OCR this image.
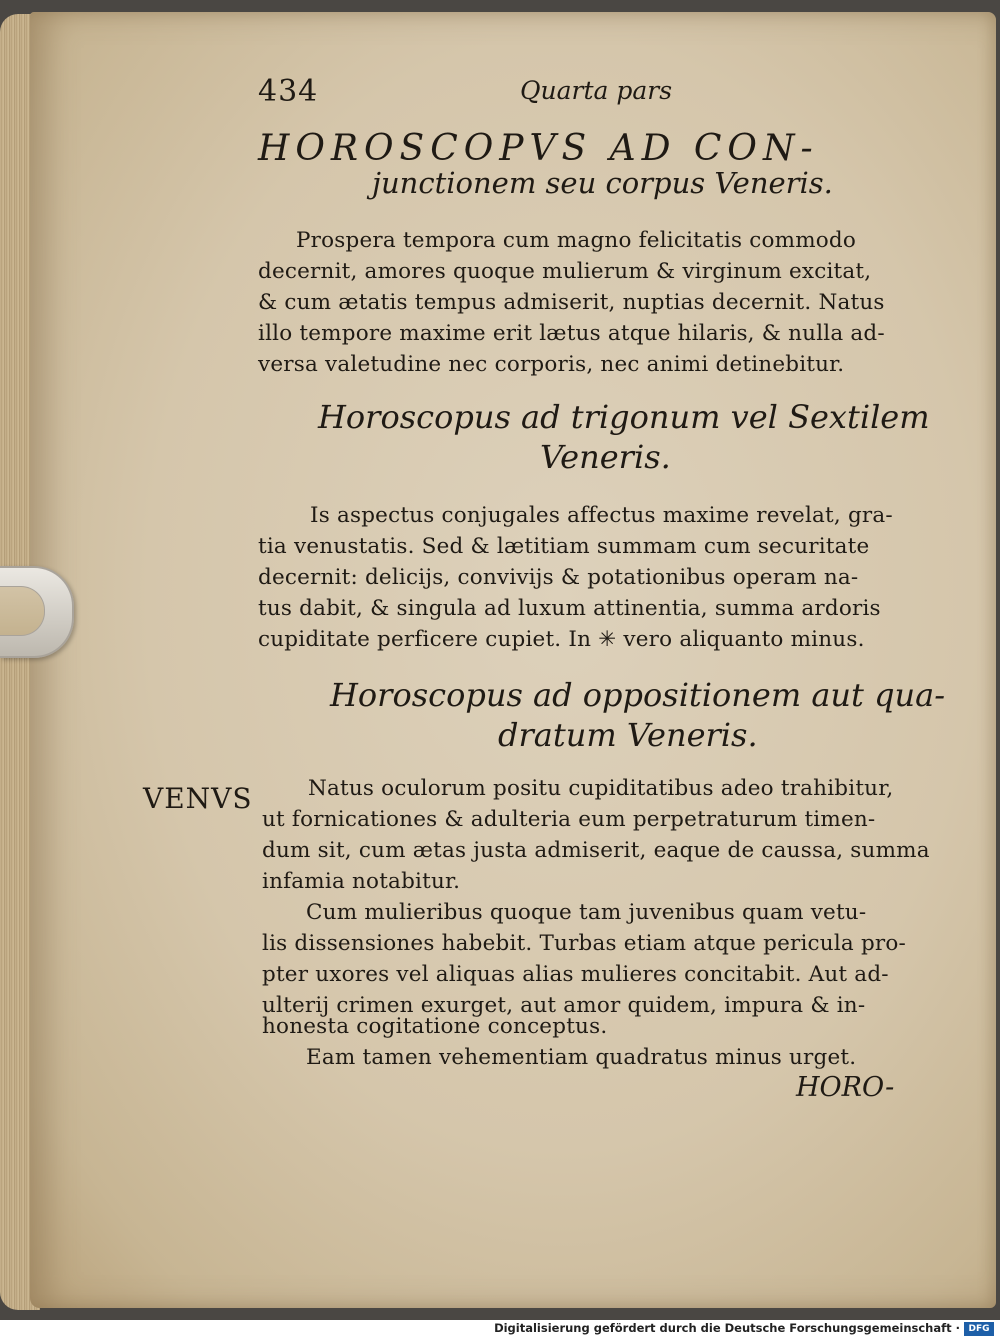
434	Quarta pars
HOROSCOPVS AD CON-
junctionem seu corpus Veneris.
Prospera tempora cum magno felicitatis commodo
decernit, amores quoque mulierum & virginum excitat,
& cum ætatis tempus admiserit, nuptias decernit. Natus
illo tempore maxime erit lætus atque hilaris, & nulla ad-
versa valetudine nec corporis, nec animi detinebitur.
Horoscopus ad trigonum vel Sextilem
Veneris.
Is aspectus conjugales affectus maxime revelat, gra-
tia venustatis. Sed & lætitiam summam cum securitate
decernit: delicijs, convivijs & potationibus operam na-
tus dabit, & singula ad luxum attinentia, summa ardoris
cupiditate perficere cupiet. In ✳ vero aliquanto minus.
Horoscopus ad oppositionem aut qua-
dratum Veneris.
VENVS	Natus oculorum positu cupiditatibus adeo trahibitur,
ut fornicationes & adulteria eum perpetraturum timen-
dum sit, cum ætas justa admiserit, eaque de caussa, summa
infamia notabitur.
Cum mulieribus quoque tam juvenibus quam vetu-
lis dissensiones habebit. Turbas etiam atque pericula pro-
pter uxores vel aliquas alias mulieres concitabit. Aut ad-
ulterij crimen exurget, aut amor quidem, impura & in-
honesta cogitatione conceptus.
Eam tamen vehementiam quadratus minus urget.
HORO-
Digitalisierung gefördert durch die Deutsche Forschungsgemeinschaft · DFG
